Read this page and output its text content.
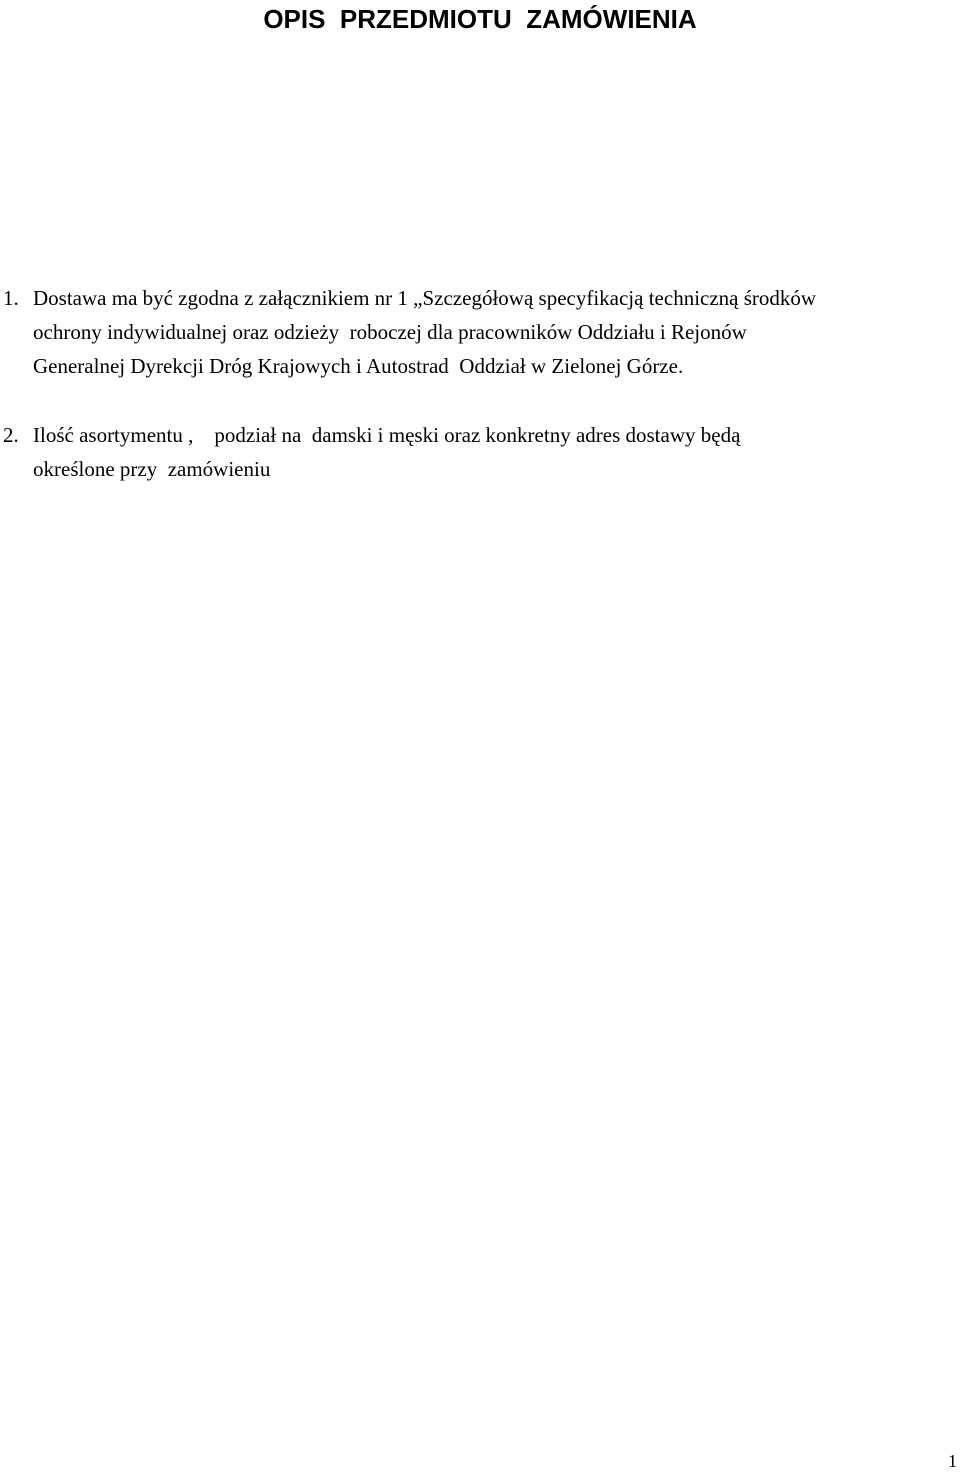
OPIS  PRZEDMIOTU  ZAMÓWIENIA
1. Dostawa ma być zgodna z załącznikiem nr 1 „Szczegółową specyfikacją techniczną środków
ochrony indywidualnej oraz odzieży  roboczej dla pracowników Oddziału i Rejonów
Generalnej Dyrekcji Dróg Krajowych i Autostrad  Oddział w Zielonej Górze.
2. Ilość asortymentu ,    podział na  damski i męski oraz konkretny adres dostawy będą
określone przy  zamówieniu
1
